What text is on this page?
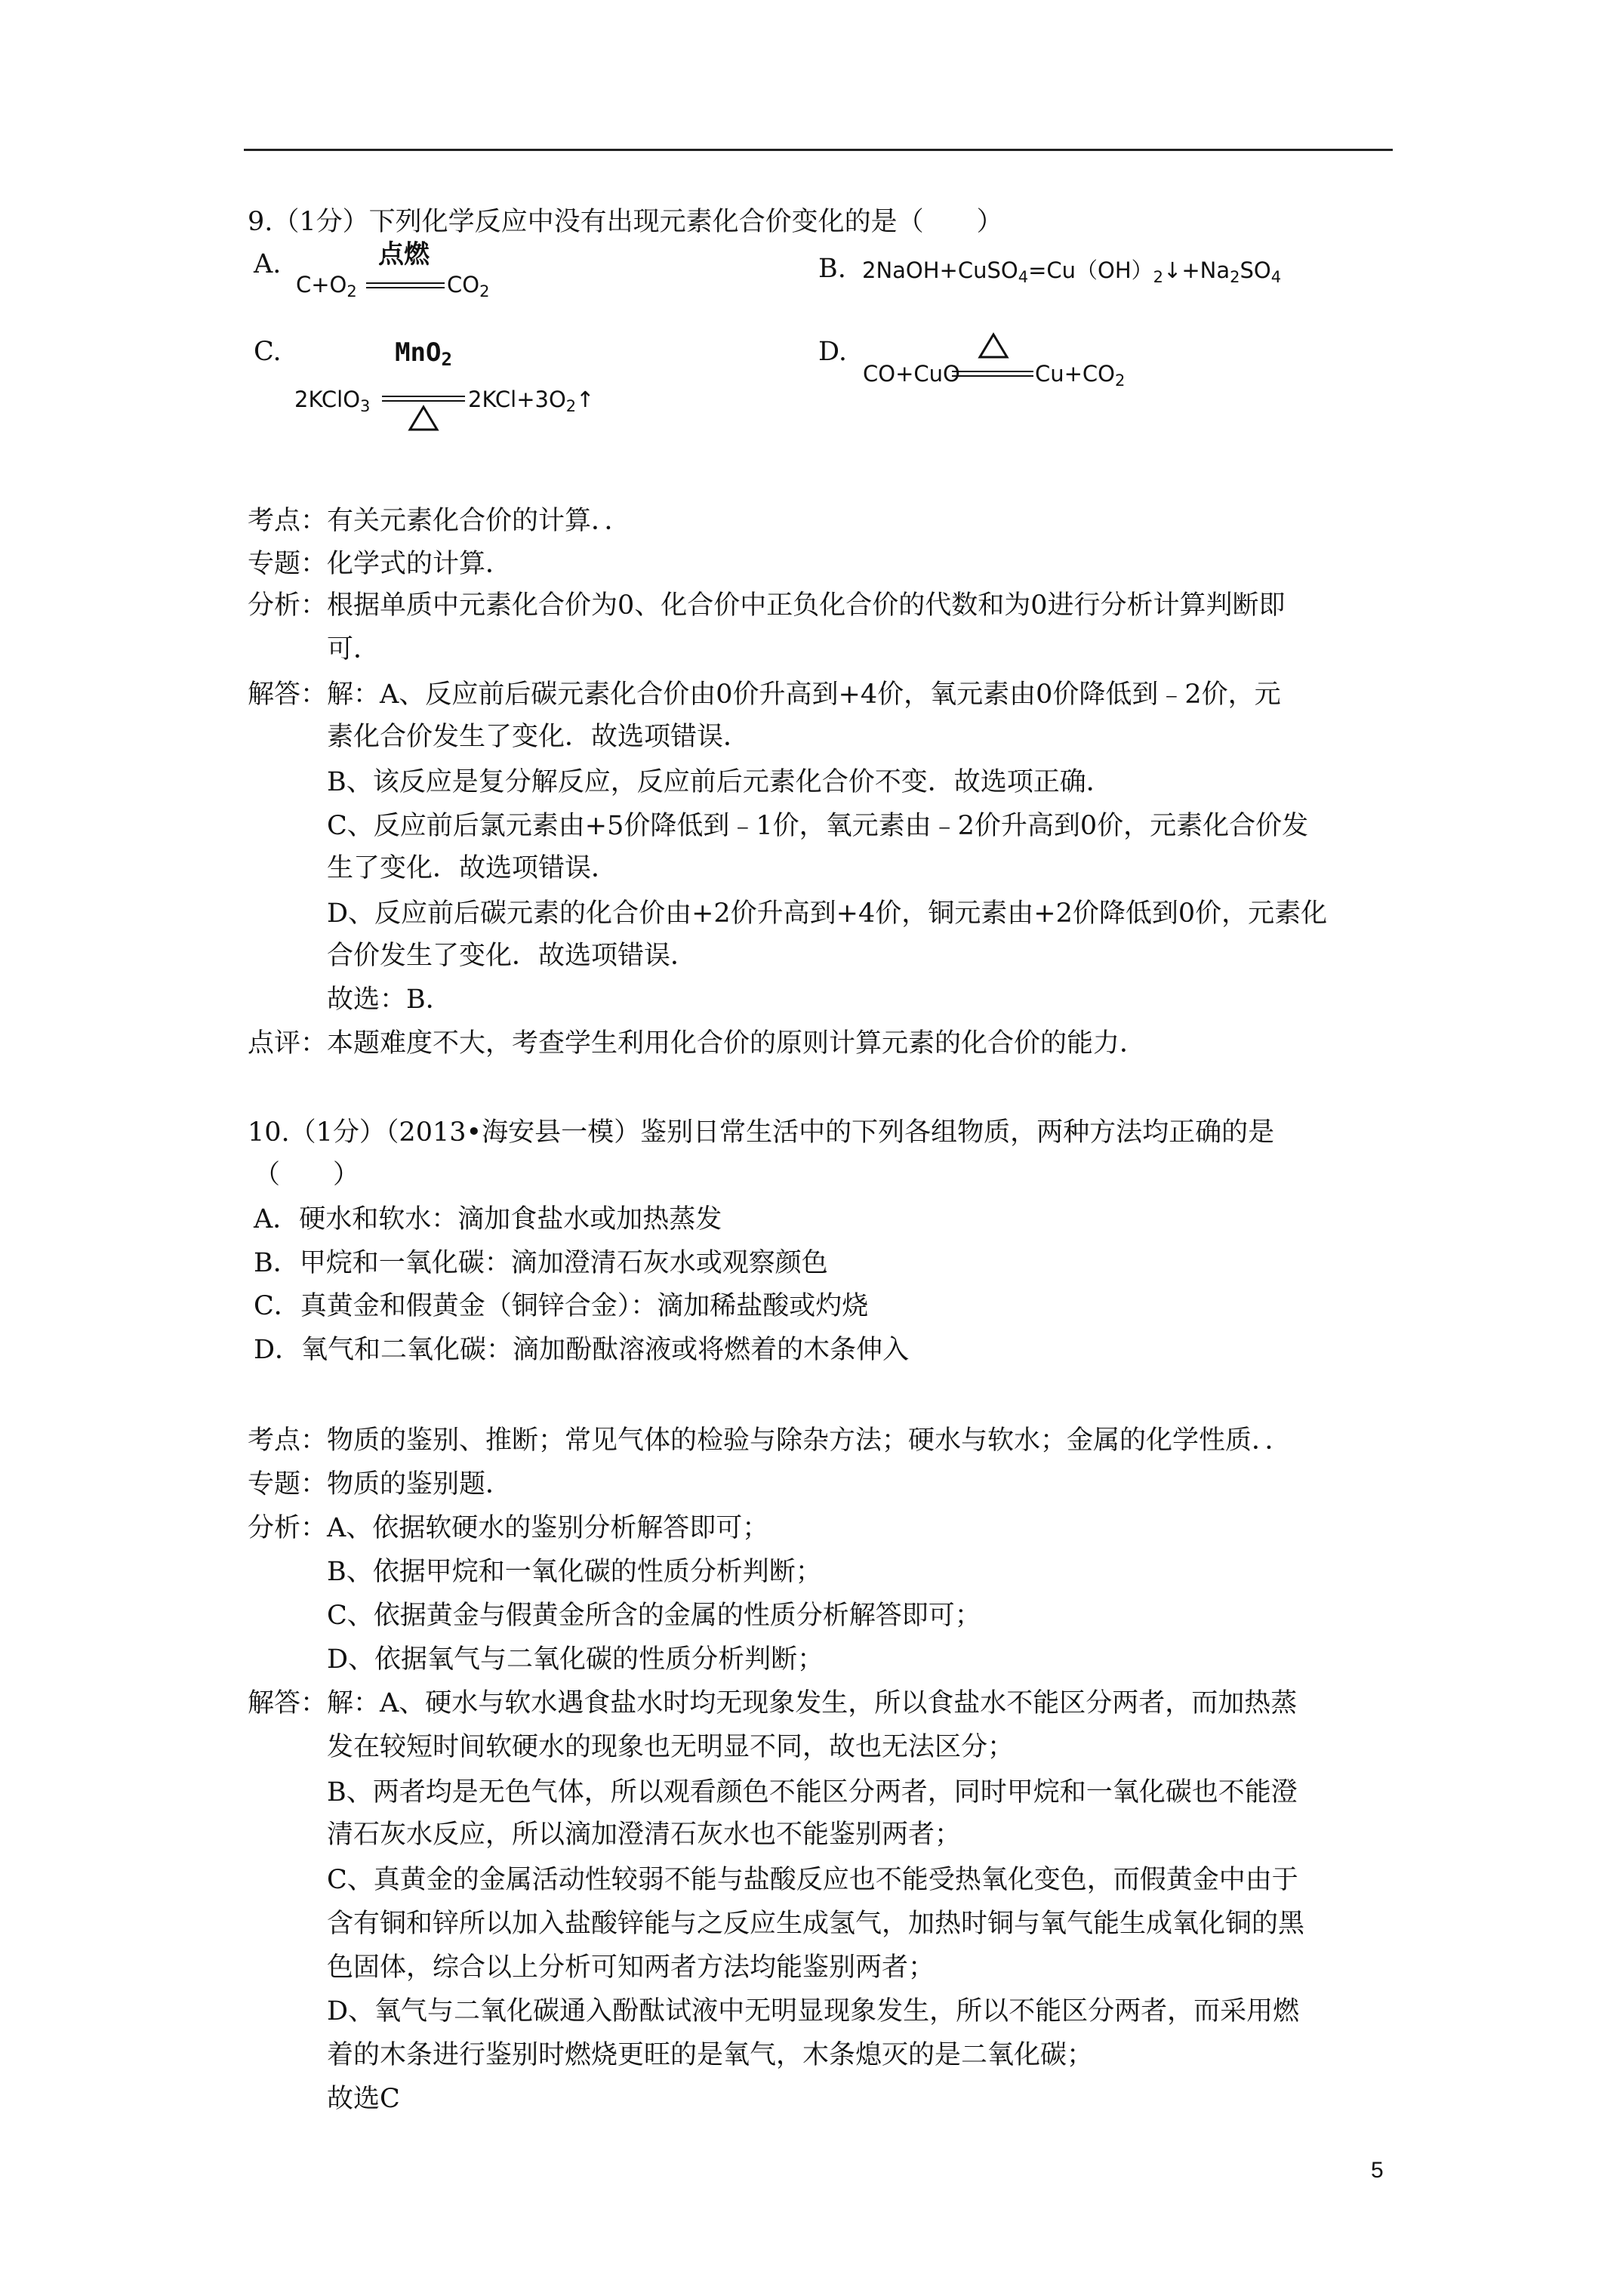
9.（1分）下列化学反应中没有出现元素化合价变化的是（　　）
A.	点燃
$C+O_2$	$CO_2$
B. $2NaOH+CuSO_4=Cu(OH)_2↓+Na_2SO_4$
C.	MnO$_2$
2KClO$_3$	$2KCl+3O_2↑$
D.
CO+CuO	$Cu+CO_2$
考点：有关元素化合价的计算．．
专题：化学式的计算．
分析：根据单质中元素化合价为0、化合价中正负化合价的代数和为0进行分析计算判断即
可．
解答：解：A、反应前后碳元素化合价由0价升高到+4价，氧元素由0价降低到﹣2价，元
素化合价发生了变化．故选项错误．
B、该反应是复分解反应，反应前后元素化合价不变．故选项正确．
C、反应前后氯元素由+5价降低到﹣1价，氧元素由﹣2价升高到0价，元素化合价发
生了变化．故选项错误．
D、反应前后碳元素的化合价由+2价升高到+4价，铜元素由+2价降低到0价，元素化
合价发生了变化．故选项错误．
故选：B．
点评：本题难度不大，考查学生利用化合价的原则计算元素的化合价的能力．
10.（1分）（2013•海安县一模）鉴别日常生活中的下列各组物质，两种方法均正确的是
（　　）
A．硬水和软水：滴加食盐水或加热蒸发
B．甲烷和一氧化碳：滴加澄清石灰水或观察颜色
C．真黄金和假黄金（铜锌合金）：滴加稀盐酸或灼烧
D．氧气和二氧化碳：滴加酚酞溶液或将燃着的木条伸入
考点：物质的鉴别、推断；常见气体的检验与除杂方法；硬水与软水；金属的化学性质．．
专题：物质的鉴别题．
分析：A、依据软硬水的鉴别分析解答即可；
B、依据甲烷和一氧化碳的性质分析判断；
C、依据黄金与假黄金所含的金属的性质分析解答即可；
D、依据氧气与二氧化碳的性质分析判断；
解答：解：A、硬水与软水遇食盐水时均无现象发生，所以食盐水不能区分两者，而加热蒸
发在较短时间软硬水的现象也无明显不同，故也无法区分；
B、两者均是无色气体，所以观看颜色不能区分两者，同时甲烷和一氧化碳也不能澄
清石灰水反应，所以滴加澄清石灰水也不能鉴别两者；
C、真黄金的金属活动性较弱不能与盐酸反应也不能受热氧化变色，而假黄金中由于
含有铜和锌所以加入盐酸锌能与之反应生成氢气，加热时铜与氧气能生成氧化铜的黑
色固体，综合以上分析可知两者方法均能鉴别两者；
D、氧气与二氧化碳通入酚酞试液中无明显现象发生，所以不能区分两者，而采用燃
着的木条进行鉴别时燃烧更旺的是氧气，木条熄灭的是二氧化碳；
故选C
5
